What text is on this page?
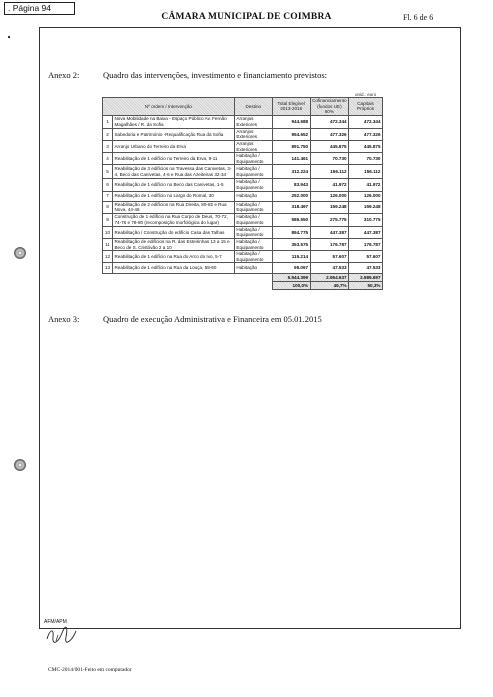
. Página 94
CÂMARA MUNICIPAL DE COIMBRA	Fl. 6 de 6
Anexo 2:	Quadro das intervenções, investimento e financiamento previstos:
unid.: euro
Nº ordem / Intervenção		Destino	Total Elegível 2013-2016	Cofinanciamento (fundos UE) 60%	Capitais Próprios
1	Nova Mobilidade na Baixa - Espaço Público Av. Fernão Magalhães / R. da Sofia	Arranjos Exteriores	944.688	472.344	472.344
2	Sabedoria e Património -Requalificação Rua da Sofia	Arranjos Exteriores	954.652	477.326	477.326
3	Arranjo Urbano do Terreiro da Erva	Arranjos Exteriores	891.750	445.875	445.875
4	Reabilitação de 1 edifício no Terreiro da Erva, 9-11	Habitação / Equipamento	141.461	70.730	70.730
5	Reabilitação de 3 edifícios na Travessa das Canivetas, 3-4, Beco das Canivetas, 4-6 e Rua das Azeiteiras 32-34	Habitação / Equipamento	312.224	156.112	156.112
6	Reabilitação de 1 edifício no Beco das Canivetas, 1-5	Habitação / Equipamento	83.943	41.972	41.972
7	Reabilitação de 1 edifício no Largo do Romal, 30	Habitação	252.000	126.000	126.000
8	Reabilitação de 2 edifícios na Rua Direita, 80-82 e Rua Nova, 44-46	Habitação / Equipamento	318.497	159.248	159.248
9	Construção de 1 edifício na Rua Corpo de Deus, 70-72, 74-76 e 78-80 (recomposição morfológica do lugar)	Habitação / Equipamento	586.550	275.775	310.775
10	Reabilitação / Construção do edifício Casa das Talhas	Habitação / Equipamento	894.775	447.387	447.387
11	Reabilitação de edifícios na R. das Esteirinhas 13 a 15 e Beco de S. Cristóvão 2 a 10	Habitação / Equipamento	353.575	176.787	176.787
12	Reabilitação de 1 edifício na Rua do Arco do Ivo, 5-7	Habitação / Equipamento	115.214	57.607	57.607
13	Reabilitação de 1 edifício na Rua da Louça, 58-60	Habitação	95.067	47.533	47.533
			5.944.399	2.954.637	2.989.697
			100,0%	49,7%	50,3%
Anexo 3:	Quadro de execução Administrativa e Financeira em 05.01.2015
AFM/APM
CMC-2014/001-Feito em computador
